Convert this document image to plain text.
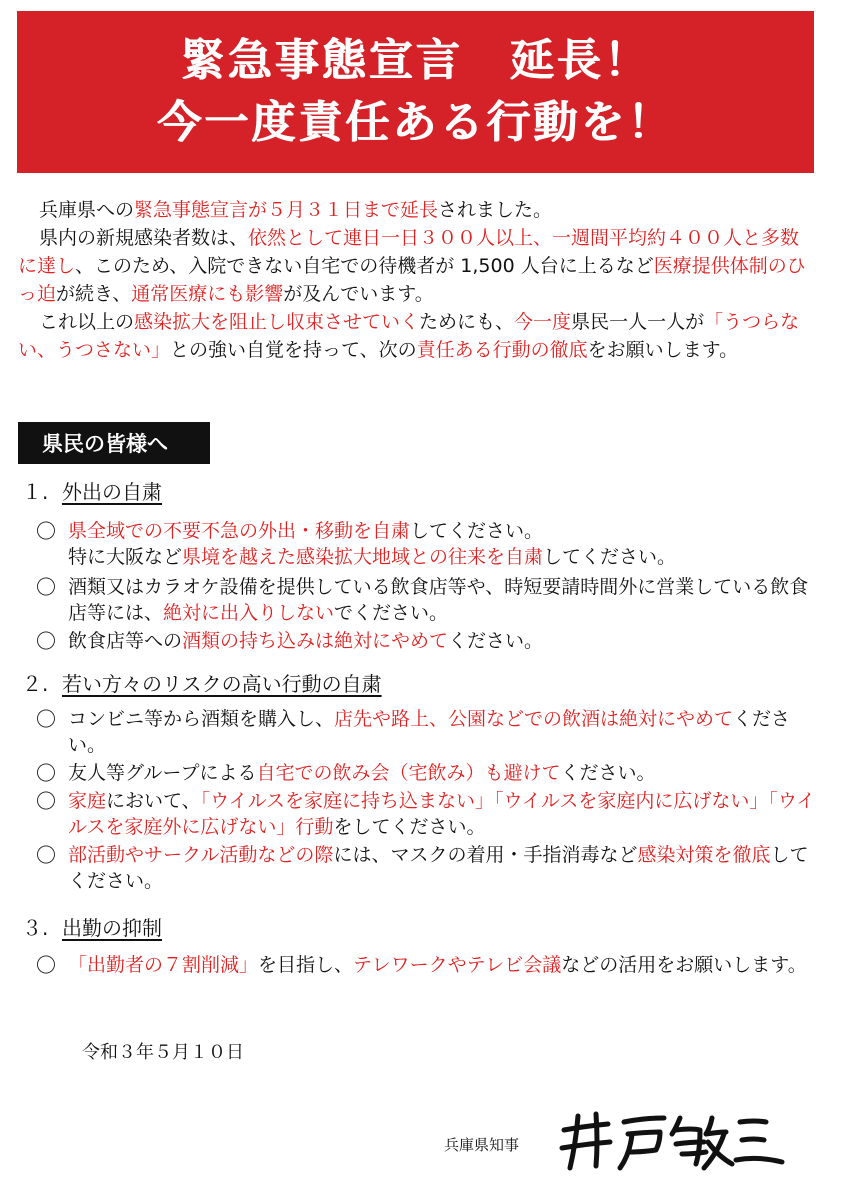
緊急事態宣言　延長！
今一度責任ある行動を！

兵庫県への緊急事態宣言が５月３１日まで延長されました。

県内の新規感染者数は、依然として連日一日３００人以上、一週間平均約４００人と多数に達し、このため、入院できない自宅での待機者が 1,500 人台に上るなど医療提供体制のひっ迫が続き、通常医療にも影響が及んでいます。

これ以上の感染拡大を阻止し収束させていくためにも、今一度県民一人一人が「うつらない、うつさない」との強い自覚を持って、次の責任ある行動の徹底をお願いします。

県民の皆様へ
１. 外出の自粛
〇 県全域での不要不急の外出・移動を自粛してください。
特に大阪など県境を越えた感染拡大地域との往来を自粛してください。
〇 酒類又はカラオケ設備を提供している飲食店等や、時短要請時間外に営業している飲食店等には、絶対に出入りしないでください。
〇 飲食店等への酒類の持ち込みは絶対にやめてください。
２. 若い方々のリスクの高い行動の自粛
〇 コンビニ等から酒類を購入し、店先や路上、公園などでの飲酒は絶対にやめてください。
〇 友人等グループによる自宅での飲み会（宅飲み）も避けてください。
〇 家庭において、「ウイルスを家庭に持ち込まない」「ウイルスを家庭内に広げない」「ウイルスを家庭外に広げない」行動をしてください。
〇 部活動やサークル活動などの際には、マスクの着用・手指消毒など感染対策を徹底してください。
３. 出勤の抑制
〇 「出勤者の７割削減」を目指し、テレワークやテレビ会議などの活用をお願いします。
令和３年５月１０日
兵庫県知事
